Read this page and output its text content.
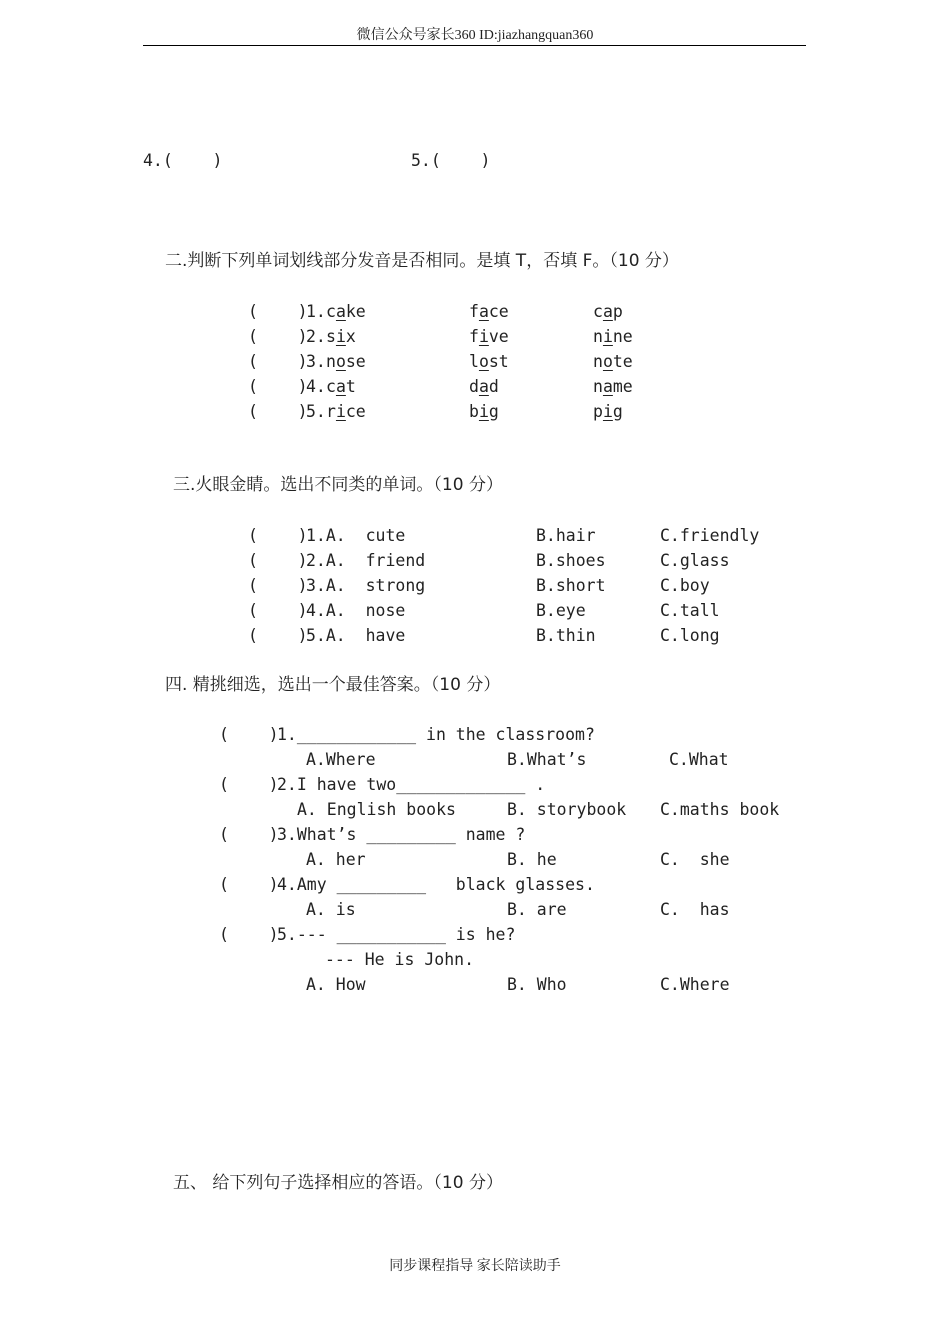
微信公众号家长360 ID:jiazhangquan360
4.(    )	5.(    )
二.判断下列单词划线部分发音是否相同。是填 T，否填 F。（10 分）
(    )
1. cake	face	cap
(    )
2. six	five	nine
(    )
3. nose	lost	note
(    )
4. cat	dad	name
(    )
5. rice	big	pig
三.火眼金睛。选出不同类的单词。（10 分）
(    )
1.A.  cute	B.hair	C.friendly
(    )
2.A.  friend	B.shoes	C.glass
(    )
3.A.  strong	B.short	C.boy
(    )
4.A.  nose	B.eye	C.tall
(    )
5.A.  have	B.thin	C.long
四. 精挑细选，选出一个最佳答案。（10 分）
(    )
1.____________ in the classroom?
A.Where	B.What’s	C.What
(    )
2.I have two_____________ .
A. English books	B. storybook C.maths book
(    )
3.What’s _________ name ?
A. her	B. he	C.  she
(    )
4.Amy _________   black glasses.
A. is	B. are	C.  has
(    )
5.--- ___________ is he?
--- He is John.
A. How	B. Who	C.Where
五、 给下列句子选择相应的答语。（10 分）
同步课程指导 家长陪读助手
